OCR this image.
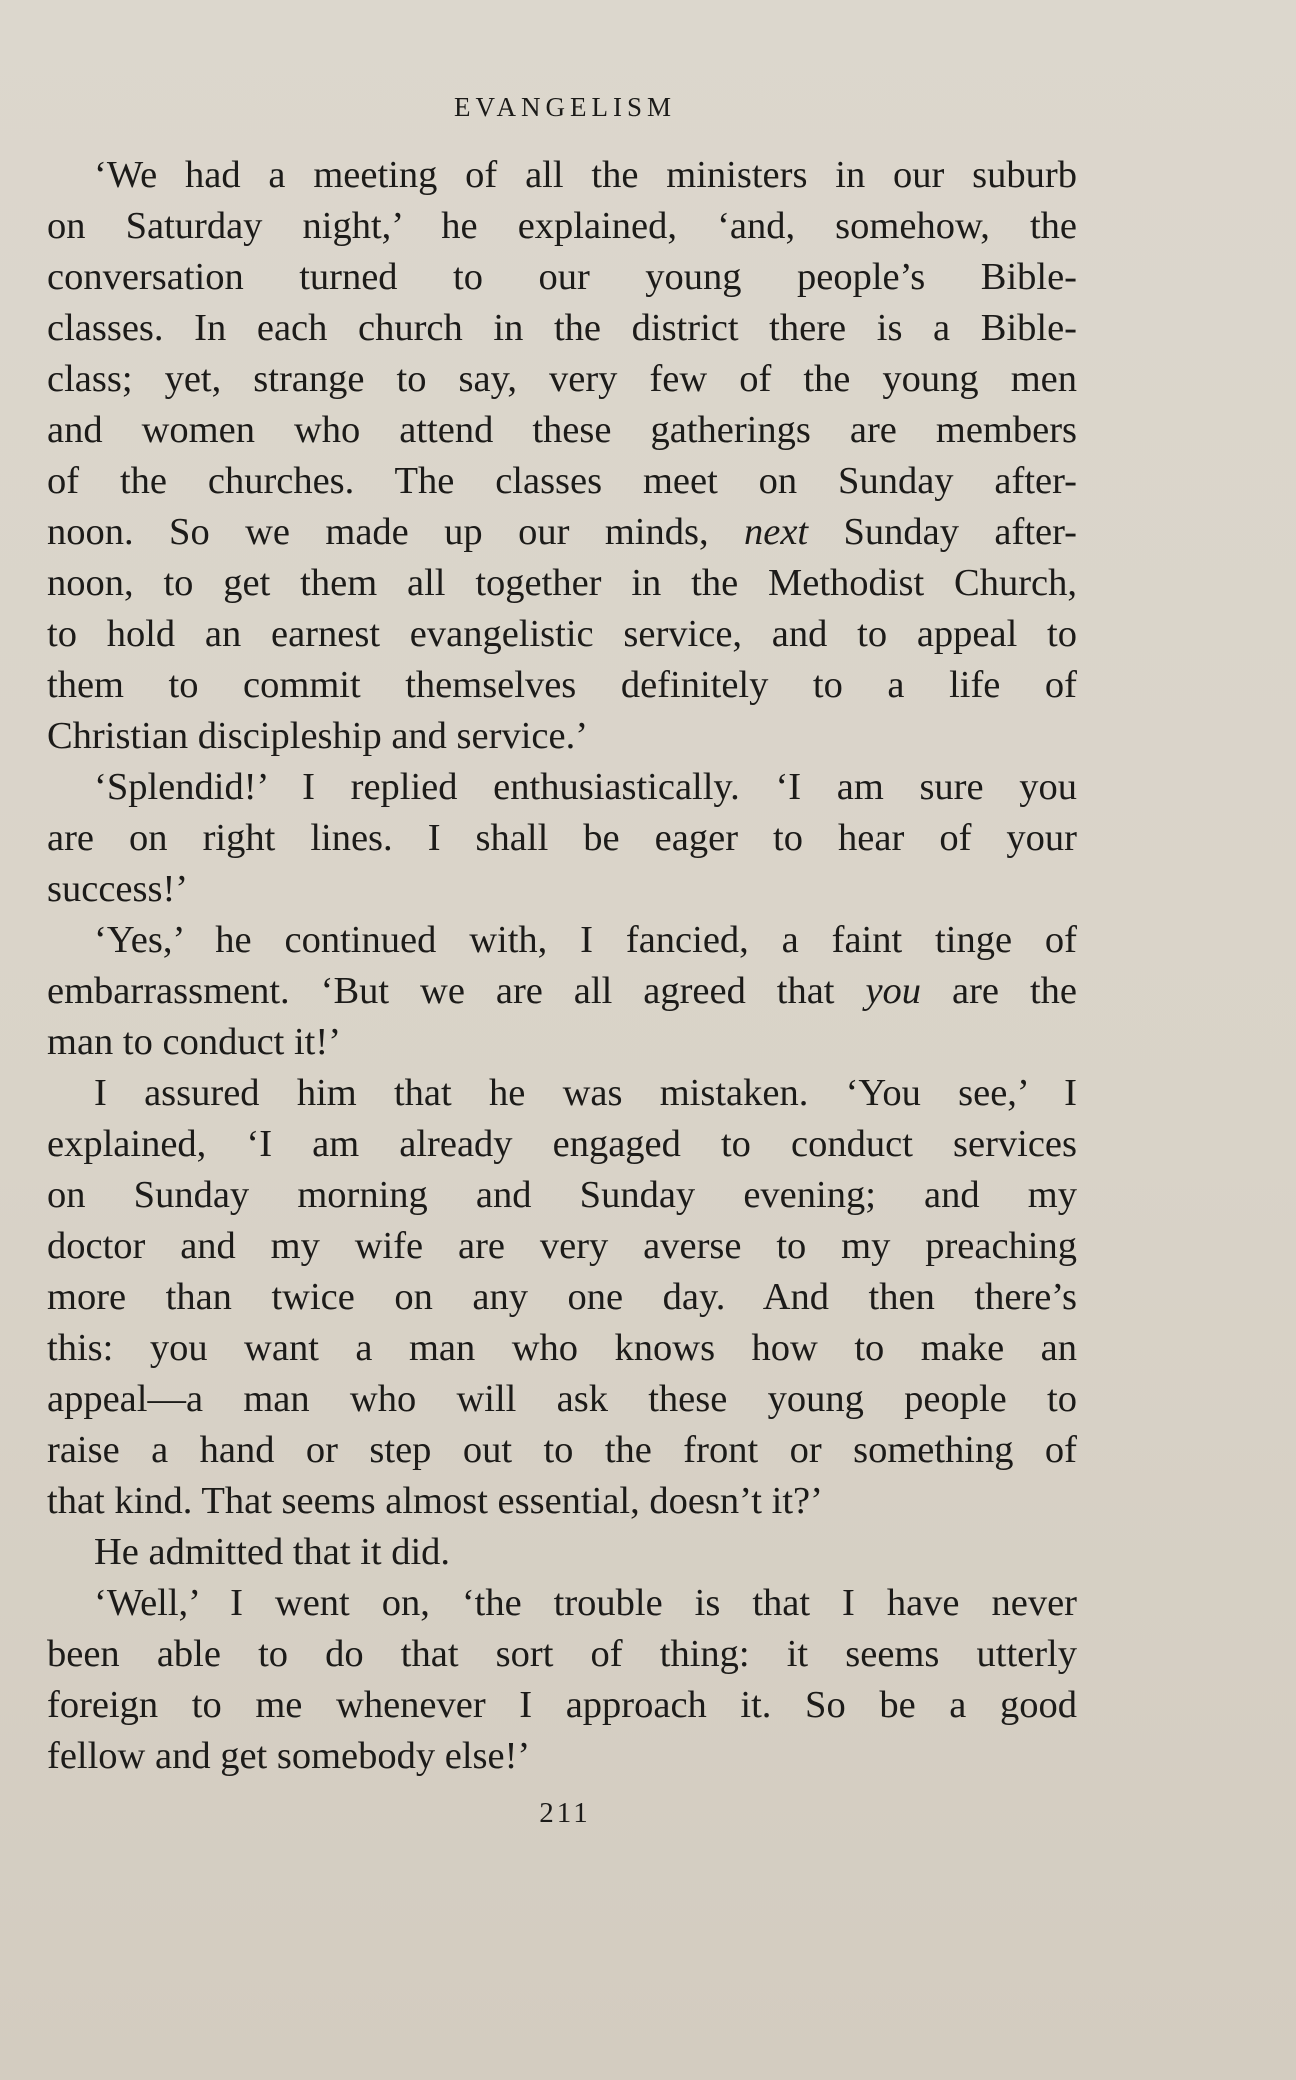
EVANGELISM
‘We had a meeting of all the ministers in our suburb
on Saturday night,’ he explained, ‘and, somehow, the
conversation turned to our young people’s Bible-
classes. In each church in the district there is a Bible-
class; yet, strange to say, very few of the young men
and women who attend these gatherings are members
of the churches. The classes meet on Sunday after-
noon. So we made up our minds, next Sunday after-
noon, to get them all together in the Methodist Church,
to hold an earnest evangelistic service, and to appeal to
them to commit themselves definitely to a life of
Christian discipleship and service.’
‘Splendid!’ I replied enthusiastically. ‘I am sure you
are on right lines. I shall be eager to hear of your
success!’
‘Yes,’ he continued with, I fancied, a faint tinge of
embarrassment. ‘But we are all agreed that you are the
man to conduct it!’
I assured him that he was mistaken. ‘You see,’ I
explained, ‘I am already engaged to conduct services
on Sunday morning and Sunday evening; and my
doctor and my wife are very averse to my preaching
more than twice on any one day. And then there’s
this: you want a man who knows how to make an
appeal—a man who will ask these young people to
raise a hand or step out to the front or something of
that kind. That seems almost essential, doesn’t it?’
He admitted that it did.
‘Well,’ I went on, ‘the trouble is that I have never
been able to do that sort of thing: it seems utterly
foreign to me whenever I approach it. So be a good
fellow and get somebody else!’
211
